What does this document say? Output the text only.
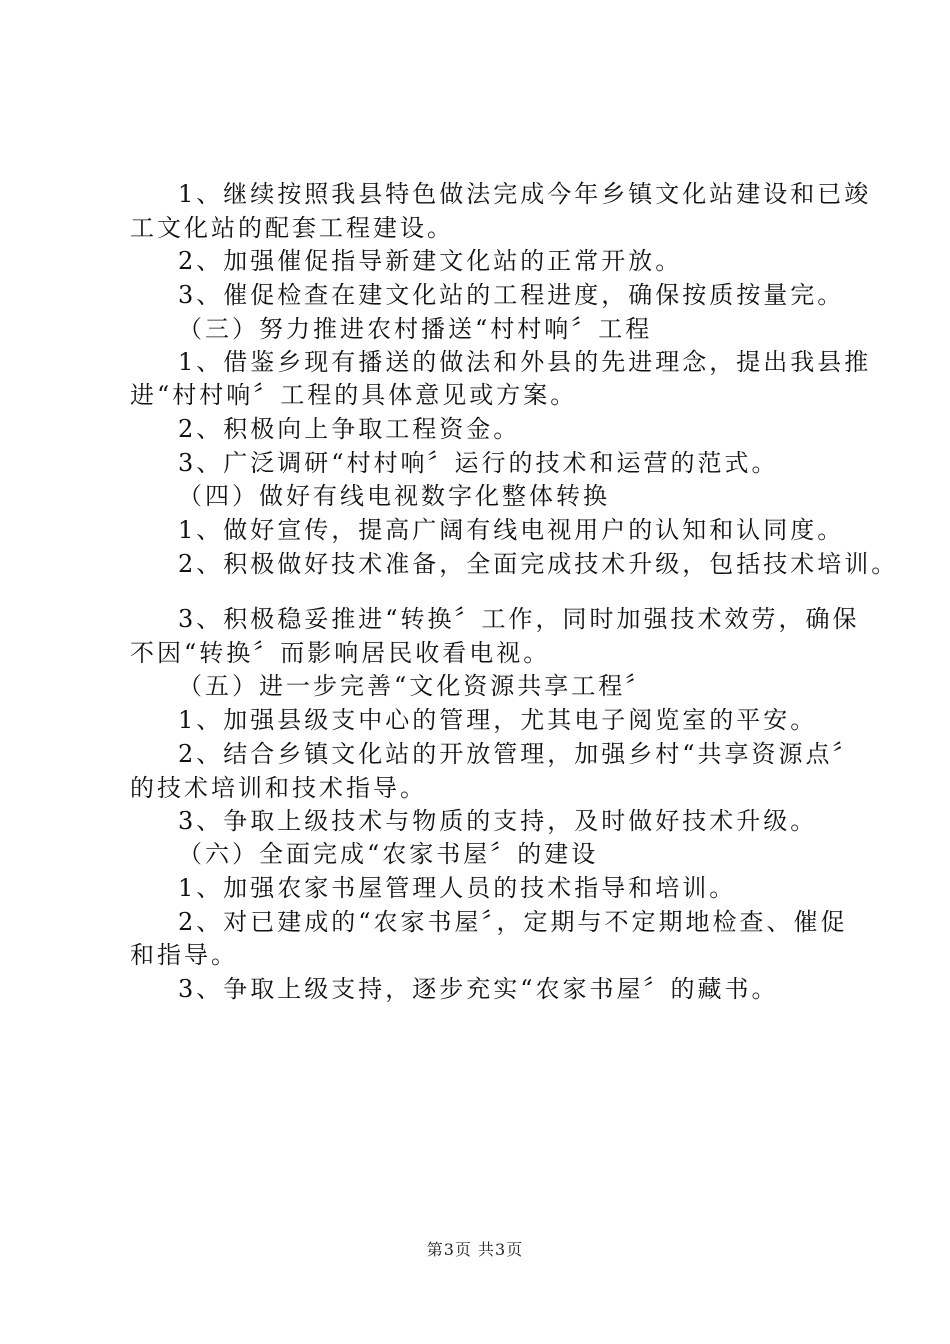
1、继续按照我县特色做法完成今年乡镇文化站建设和已竣

工文化站的配套工程建设。

2、加强催促指导新建文化站的正常开放。

3、催促检查在建文化站的工程进度，确保按质按量完。

（三）努力推进农村播送“村村响〞工程

1、借鉴乡现有播送的做法和外县的先进理念，提出我县推

进“村村响〞工程的具体意见或方案。

2、积极向上争取工程资金。

3、广泛调研“村村响〞运行的技术和运营的范式。

（四）做好有线电视数字化整体转换

1、做好宣传，提高广阔有线电视用户的认知和认同度。

2、积极做好技术准备，全面完成技术升级，包括技术培训。

3、积极稳妥推进“转换〞工作，同时加强技术效劳，确保

不因“转换〞而影响居民收看电视。

（五）进一步完善“文化资源共享工程〞

1、加强县级支中心的管理，尤其电子阅览室的平安。

2、结合乡镇文化站的开放管理，加强乡村“共享资源点〞

的技术培训和技术指导。

3、争取上级技术与物质的支持，及时做好技术升级。

（六）全面完成“农家书屋〞的建设

1、加强农家书屋管理人员的技术指导和培训。

2、对已建成的“农家书屋〞，定期与不定期地检查、催促

和指导。

3、争取上级支持，逐步充实“农家书屋〞的藏书。

第3页 共3页
